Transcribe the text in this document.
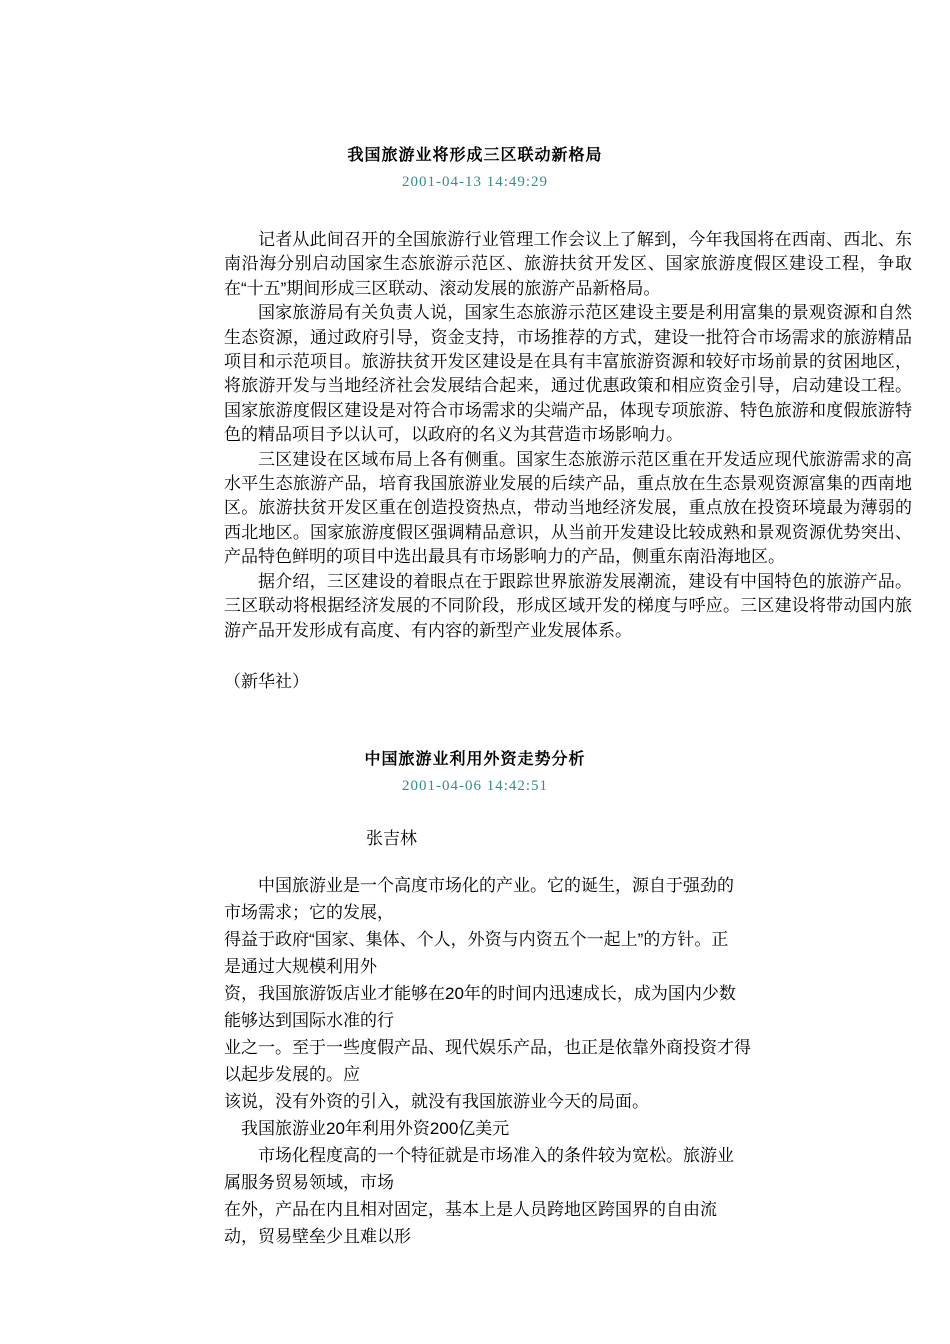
我国旅游业将形成三区联动新格局
2001-04-13 14:49:29

记者从此间召开的全国旅游行业管理工作会议上了解到，今年我国将在西南、西北、东南沿海分别启动国家生态旅游示范区、旅游扶贫开发区、国家旅游度假区建设工程，争取在“十五”期间形成三区联动、滚动发展的旅游产品新格局。

国家旅游局有关负责人说，国家生态旅游示范区建设主要是利用富集的景观资源和自然生态资源，通过政府引导，资金支持，市场推荐的方式，建设一批符合市场需求的旅游精品项目和示范项目。旅游扶贫开发区建设是在具有丰富旅游资源和较好市场前景的贫困地区，将旅游开发与当地经济社会发展结合起来，通过优惠政策和相应资金引导，启动建设工程。国家旅游度假区建设是对符合市场需求的尖端产品，体现专项旅游、特色旅游和度假旅游特色的精品项目予以认可，以政府的名义为其营造市场影响力。

三区建设在区域布局上各有侧重。国家生态旅游示范区重在开发适应现代旅游需求的高水平生态旅游产品，培育我国旅游业发展的后续产品，重点放在生态景观资源富集的西南地区。旅游扶贫开发区重在创造投资热点，带动当地经济发展，重点放在投资环境最为薄弱的西北地区。国家旅游度假区强调精品意识，从当前开发建设比较成熟和景观资源优势突出、产品特色鲜明的项目中选出最具有市场影响力的产品，侧重东南沿海地区。

据介绍，三区建设的着眼点在于跟踪世界旅游发展潮流，建设有中国特色的旅游产品。三区联动将根据经济发展的不同阶段，形成区域开发的梯度与呼应。三区建设将带动国内旅游产品开发形成有高度、有内容的新型产业发展体系。

（新华社）
中国旅游业利用外资走势分析
2001-04-06 14:42:51
张吉林
　　中国旅游业是一个高度市场化的产业。它的诞生，源自于强劲的
市场需求；它的发展，
得益于政府“国家、集体、个人，外资与内资五个一起上”的方针。正
是通过大规模利用外
资，我国旅游饭店业才能够在20年的时间内迅速成长，成为国内少数
能够达到国际水准的行
业之一。至于一些度假产品、现代娱乐产品，也正是依靠外商投资才得
以起步发展的。应
该说，没有外资的引入，就没有我国旅游业今天的局面。
　我国旅游业20年利用外资200亿美元
　　市场化程度高的一个特征就是市场准入的条件较为宽松。旅游业
属服务贸易领域，市场
在外，产品在内且相对固定，基本上是人员跨地区跨国界的自由流
动，贸易壁垒少且难以形
